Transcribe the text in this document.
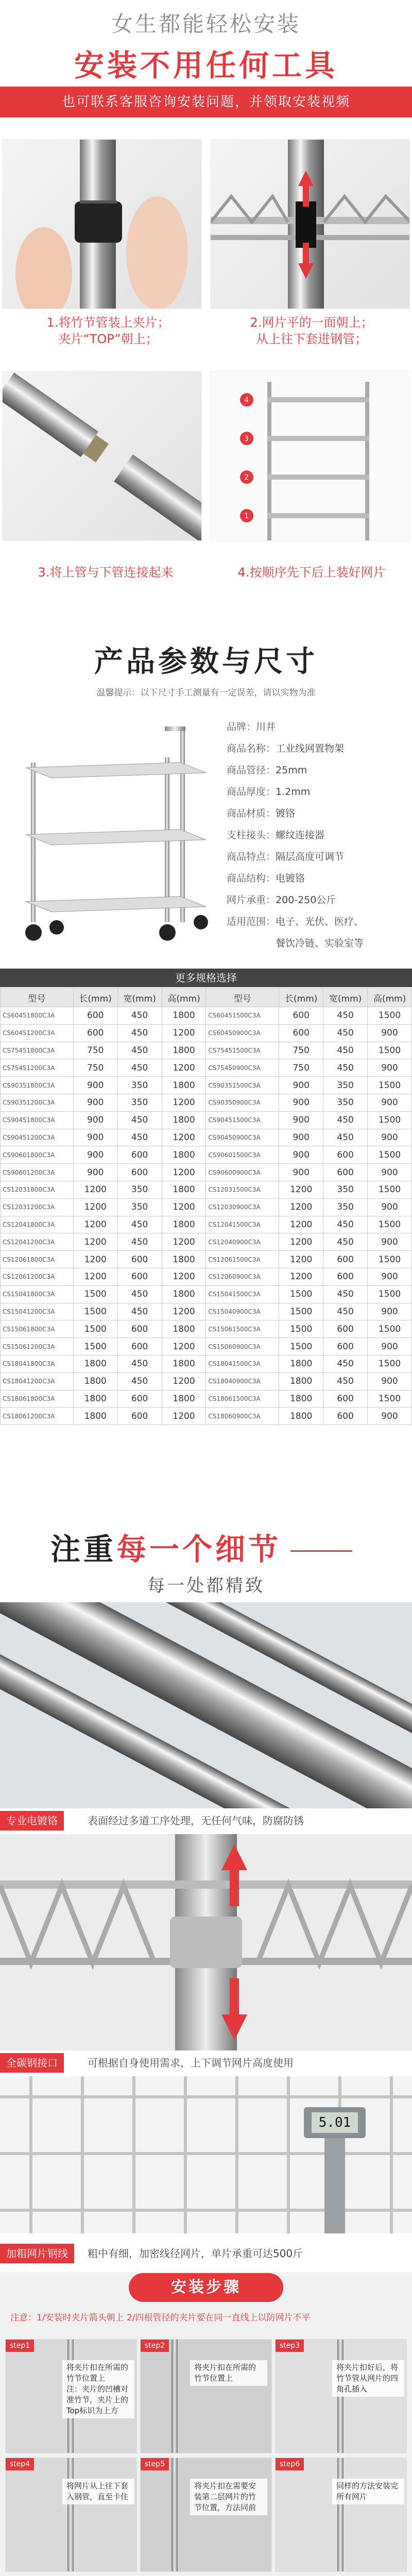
女生都能轻松安装
安装不用任何工具
也可联系客服咨询安装问题，并领取安装视频
1.将竹节管装上夹片；
夹片“TOP”朝上；
2.网片平的一面朝上；
从上往下套进钢管；
3.将上管与下管连接起来
4
3
2
1
4.按顺序先下后上装好网片
产品参数与尺寸
温馨提示：以下尺寸手工测量有一定误差，请以实物为准
品牌：川井
商品名称：工业线网置物架
商品管径：25mm
商品厚度：1.2mm
商品材质：镀铬
支柱接头：螺纹连接器
商品特点：隔层高度可调节
商品结构：电镀铬
网片承重：200-250公斤
适用范围：电子、光伏、医疗、
餐饮冷链、实验室等
更多规格选择
型号	长(mm)	宽(mm)	高(mm)	型号	长(mm)	宽(mm)	高(mm)
CS60451800C3A	600	450	1800	CS60451500C3A	600	450	1500
CS60451200C3A	600	450	1200	CS60450900C3A	600	450	900
CS75451800C3A	750	450	1800	CS75451500C3A	750	450	1500
CS75451200C3A	750	450	1200	CS75450900C3A	750	450	900
CS90351800C3A	900	350	1800	CS90351500C3A	900	350	1500
CS90351200C3A	900	350	1200	CS90350900C3A	900	350	900
CS90451800C3A	900	450	1800	CS90451500C3A	900	450	1500
CS90451200C3A	900	450	1200	CS90450900C3A	900	450	900
CS90601800C3A	900	600	1800	CS90601500C3A	900	600	1500
CS90601200C3A	900	600	1200	CS90600900C3A	900	600	900
CS12031800C3A	1200	350	1800	CS12031500C3A	1200	350	1500
CS12031200C3A	1200	350	1200	CS12030900C3A	1200	350	900
CS12041800C3A	1200	450	1800	CS12041500C3A	1200	450	1500
CS12041200C3A	1200	450	1200	CS12040900C3A	1200	450	900
CS12061800C3A	1200	600	1800	CS12061500C3A	1200	600	1500
CS12061200C3A	1200	600	1200	CS12060900C3A	1200	600	900
CS15041800C3A	1500	450	1800	CS15041500C3A	1500	450	1500
CS15041200C3A	1500	450	1200	CS15040900C3A	1500	450	900
CS15061800C3A	1500	600	1800	CS15061500C3A	1500	600	1500
CS15061200C3A	1500	600	1200	CS15060900C3A	1500	600	900
CS18041800C3A	1800	450	1800	CS18041500C3A	1800	450	1500
CS18041200C3A	1800	450	1200	CS18040900C3A	1800	450	900
CS18061800C3A	1800	600	1800	CS18061500C3A	1800	600	1500
CS18061200C3A	1800	600	1200	CS18060900C3A	1800	600	900
注重每一个细节
每一处都精致
专业电镀铬	表面经过多道工序处理，无任何气味，防腐防锈
全碳钢接口	可根据自身使用需求，上下调节网片高度使用
5.01
加粗网片钢线	粗中有细，加密线径网片，单片承重可达500斤
安装步骤
注意：1/安装时夹片箭头朝上 2/四根管径的夹片要在同一直线上以防网片不平
step1
将夹片扣在所需的竹节位置上
注：夹片的凹槽对准竹节，夹片上的Top标识为上方
step2
将夹片扣在所需的竹节位置上
step3
将夹片扣好后，将竹节管从网片的四角孔插入
step4
将网片从上往下套入钢管，直至卡住
step5
将夹片扣在需要安装第二层网片的竹节位置，方法同前
step6
同样的方法安装完所有网片
